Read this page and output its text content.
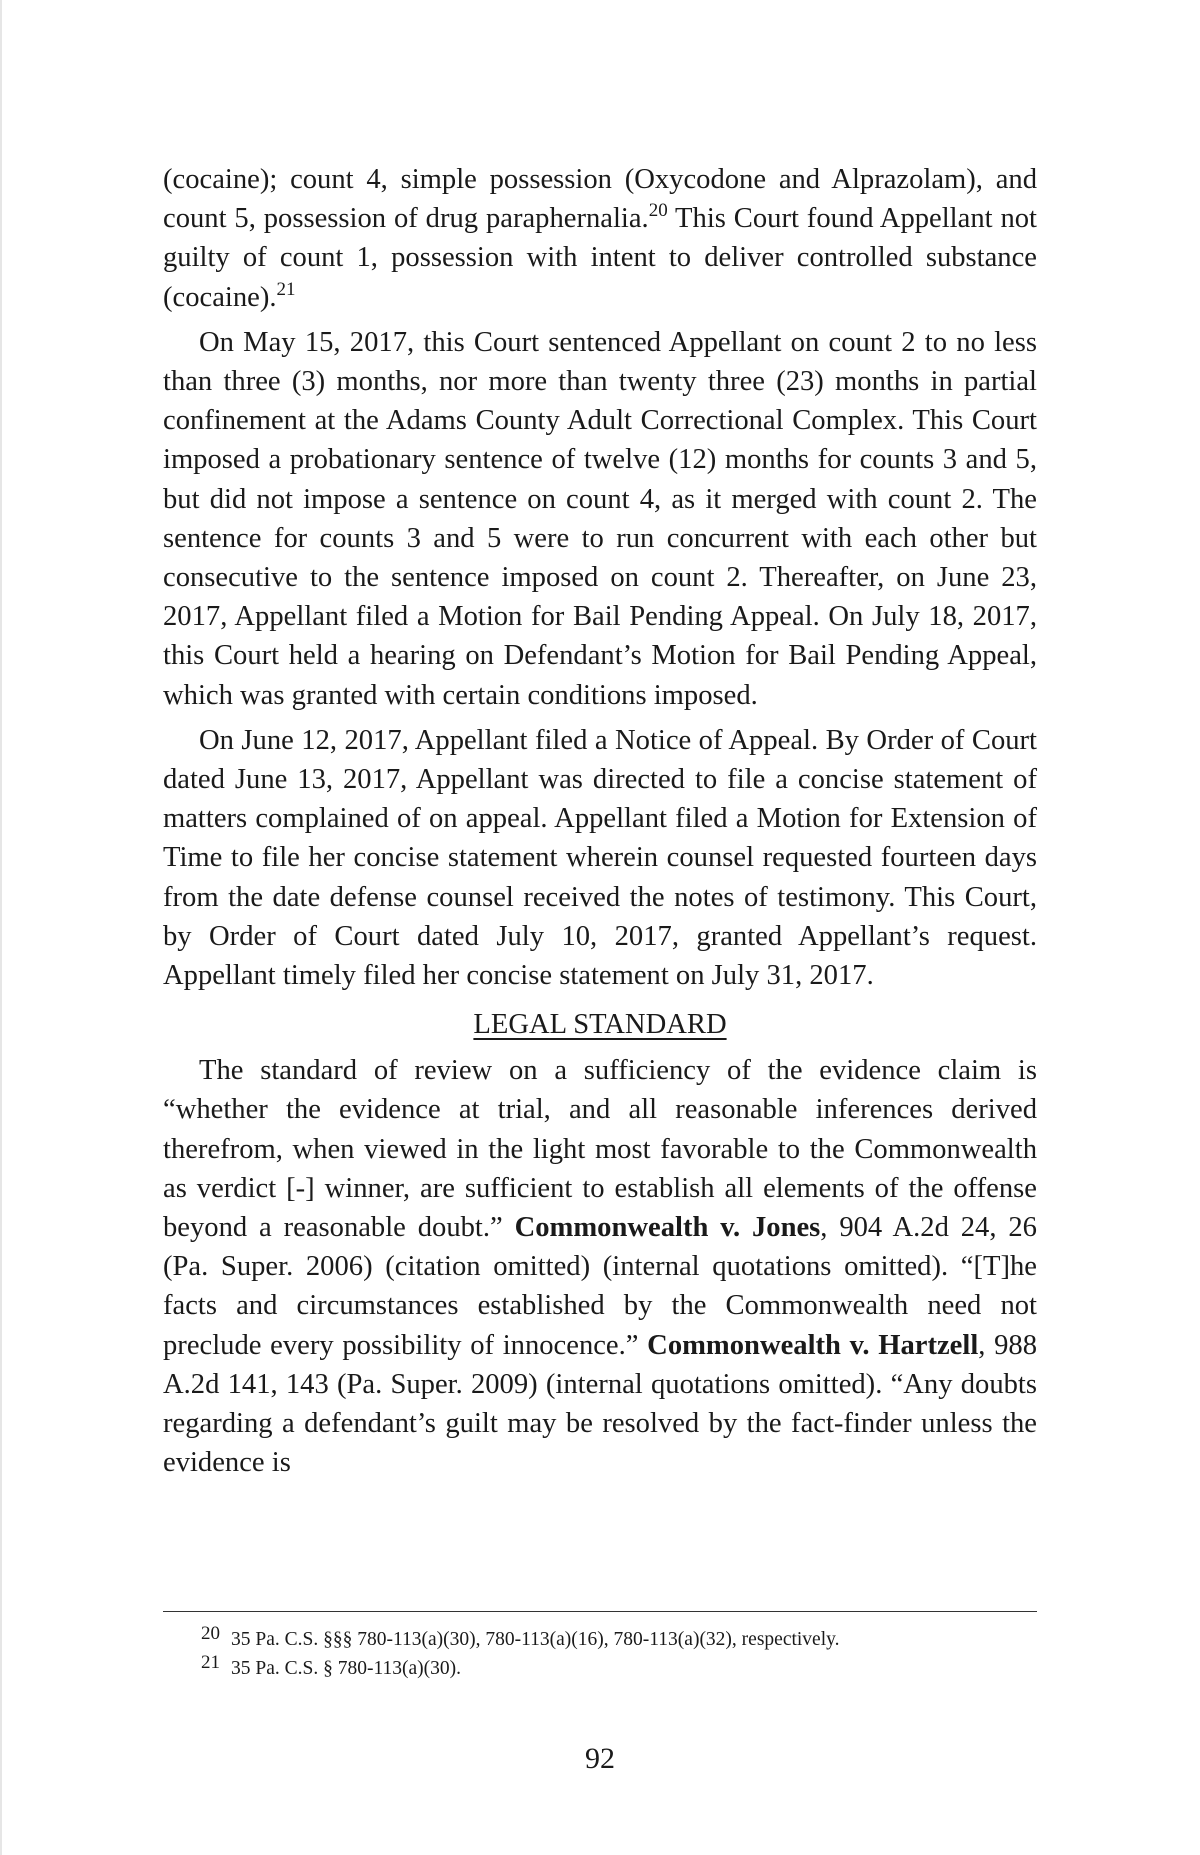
(cocaine); count 4, simple possession (Oxycodone and Alprazolam), and count 5, possession of drug paraphernalia.$^{20}$ This Court found Appellant not guilty of count 1, possession with intent to deliver controlled substance (cocaine).$^{21}$

On May 15, 2017, this Court sentenced Appellant on count 2 to no less than three (3) months, nor more than twenty three (23) months in partial confinement at the Adams County Adult Correctional Complex. This Court imposed a probationary sentence of twelve (12) months for counts 3 and 5, but did not impose a sentence on count 4, as it merged with count 2. The sentence for counts 3 and 5 were to run concurrent with each other but consecutive to the sentence imposed on count 2. Thereafter, on June 23, 2017, Appellant filed a Motion for Bail Pending Appeal. On July 18, 2017, this Court held a hearing on Defendant’s Motion for Bail Pending Appeal, which was granted with certain conditions imposed.

On June 12, 2017, Appellant filed a Notice of Appeal. By Order of Court dated June 13, 2017, Appellant was directed to file a concise statement of matters complained of on appeal. Appellant filed a Motion for Extension of Time to file her concise statement wherein counsel requested fourteen days from the date defense counsel received the notes of testimony. This Court, by Order of Court dated July 10, 2017, granted Appellant’s request. Appellant timely filed her concise statement on July 31, 2017.

LEGAL STANDARD

The standard of review on a sufficiency of the evidence claim is “whether the evidence at trial, and all reasonable inferences derived therefrom, when viewed in the light most favorable to the Commonwealth as verdict [-] winner, are sufficient to establish all elements of the offense beyond a reasonable doubt.” Commonwealth v. Jones, 904 A.2d 24, 26 (Pa. Super. 2006) (citation omitted) (internal quotations omitted). “[T]he facts and circumstances established by the Commonwealth need not preclude every possibility of innocence.” Commonwealth v. Hartzell, 988 A.2d 141, 143 (Pa. Super. 2009) (internal quotations omitted). “Any doubts regarding a defendant’s guilt may be resolved by the fact-finder unless the evidence is

20 35 Pa. C.S. §§§ 780-113(a)(30), 780-113(a)(16), 780-113(a)(32), respectively.

21 35 Pa. C.S. § 780-113(a)(30).

92
